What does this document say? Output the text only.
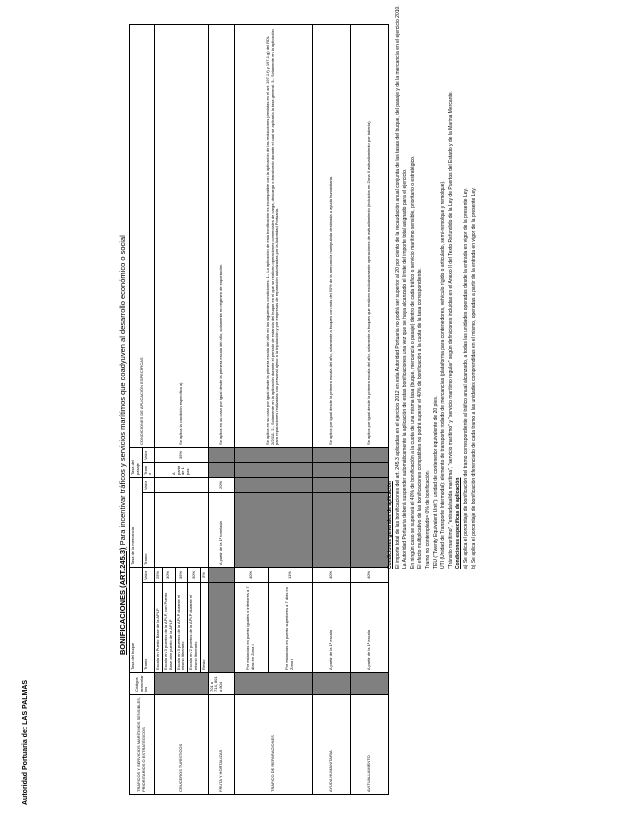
Autoridad Portuaria de: LAS PALMAS
BONIFICACIONES (ART.245.3) Para incentivar tráficos y servicios marítimos que coadyuven al desarrollo económico o social
TRÁFICOS Y SERVICIOS MARÍTIMOS SENSIBLES, PRIORITARIOS O ESTRATÉGICOS	Códigos arancelarios	Tasa del buque		Tasa de la mercancía		Tasa del pasaje		CONDICIONES DE APLICACIÓN ESPECÍFICAS
		Tramo	Valor	Tramo	Valor	Tramo	Valor	
CRUCEROS TURÍSTICOS		Escala en Puerto Base de la APLP	25%			A partir de 1 pax	35%	Se aplica la condición específica a)
		Escala en 3 puertos de la APLP, con Puerto Base otro puerto de la APLP	30%					
		Escala en 3 puertos de la APLP durante el mismo Itinerario	35%					
		Escala en 2 puertos de la APLP durante el mismo Itinerario	30%					
		Resto	5%					
FRUTA Y HORTALIZAS	701 a 714, 801 a 804			A partir de la 1ª tonelada	20%			Se aplica en su caso por igual desde la primera escala del año, solamente en régimen de exportación
TRÁFICO DE REPARACIONES		Por estancias en puerto iguales o inferiores a 7 días en Zona I	40%					Se aplica en su caso por igual desde la primera escala del año en las siguientes condiciones: 1.- La aplicación de esta bonificación es incompatible con la aplicación de las reducciones previstas en el art. 197.1.f) y 197.1.g) del RDL 2/2011. 2.- Solamente en la aplicación durante el periodo de estancia del buque en el que se realicen operaciones comerciales de carga, descarga o transbordo durante el cual se aplicaría la tasa general. 3.- Solamente en la aplicación para reparaciones realizadas con personal ajeno a la tripulación y por empresas de reparación autorizadas por la Autoridad Portuaria.
		Por estancias en puerto superiores a 7 días en Zona I	11%					
AYUDA HUMANITARIA		A partir de la 1ª escala	40%					Se aplica por igual desde la primera escala del año, solamente a buques con más del 50% de la mercancía manipulada destinada a ayuda humanitaria.
AVITUALLAMIENTO		A partir de la 1ª escala	40%					Se aplica por igual desde la primera escala del año, solamente a buques que realicen exclusivamente operaciones de avituallamiento (incluidos en Zona II avituallamiento por tubería)
Condiciones generales de aplicación El importe total de las bonificaciones del art. 245.3 aplicadas en el ejercicio 2012 en esta Autoridad Portuaria no podrá ser superior al 20 por ciento de la recaudación anual conjunta de las tasas del buque, del pasaje y de la mercancía en el ejercicio 2010. La Autoridad Portuaria deberá suspender automáticamente la aplicación de estas bonificaciones una vez que se haya alcanzado el límite del importe total asignado para el ejercicio. En ningún caso se superará el 40% de bonificación a la cuota de una misma tasa (buque, mercancía o pasaje) dentro de cada tráfico o servicio marítimo sensible, prioritario o estratégico. El efecto multiplicativo de las bonificaciones compatibles no podrá superar el 40% de bonificación a la cuota de la tasa correspondiente. Tramo no contemplado= 0% de bonificación. TEU ("Twenty Equivalent Unit"): unidad de contenedor equivalente de 20 pies. UTI (Unidad de Transporte Intermodal): elemento de transporte rodado de mercancías (plataforma para contenedores, vehículo rígido o articulado, semi-remolque y remolque). "Tránsito marítimo", "entrada/salida marítima", "servicio marítimo" y "servicio marítimo regular" según definiciones incluidas en el Anexo II del Texto Refundido de la Ley de Puertos del Estado y de la Marina Mercante. Condiciones específicas de aplicación a) Se aplica el porcentaje de bonificación del tramo correspondiente al tráfico anual alcanzado, a todas las unidades operadas desde la entrada en vigor de la presente Ley. b) Se aplica el porcentaje de bonificación diferenciado de cada tramo a las unidades comprendidas en el mismo, operadas a partir de la entrada en vigor de la presente Ley.
